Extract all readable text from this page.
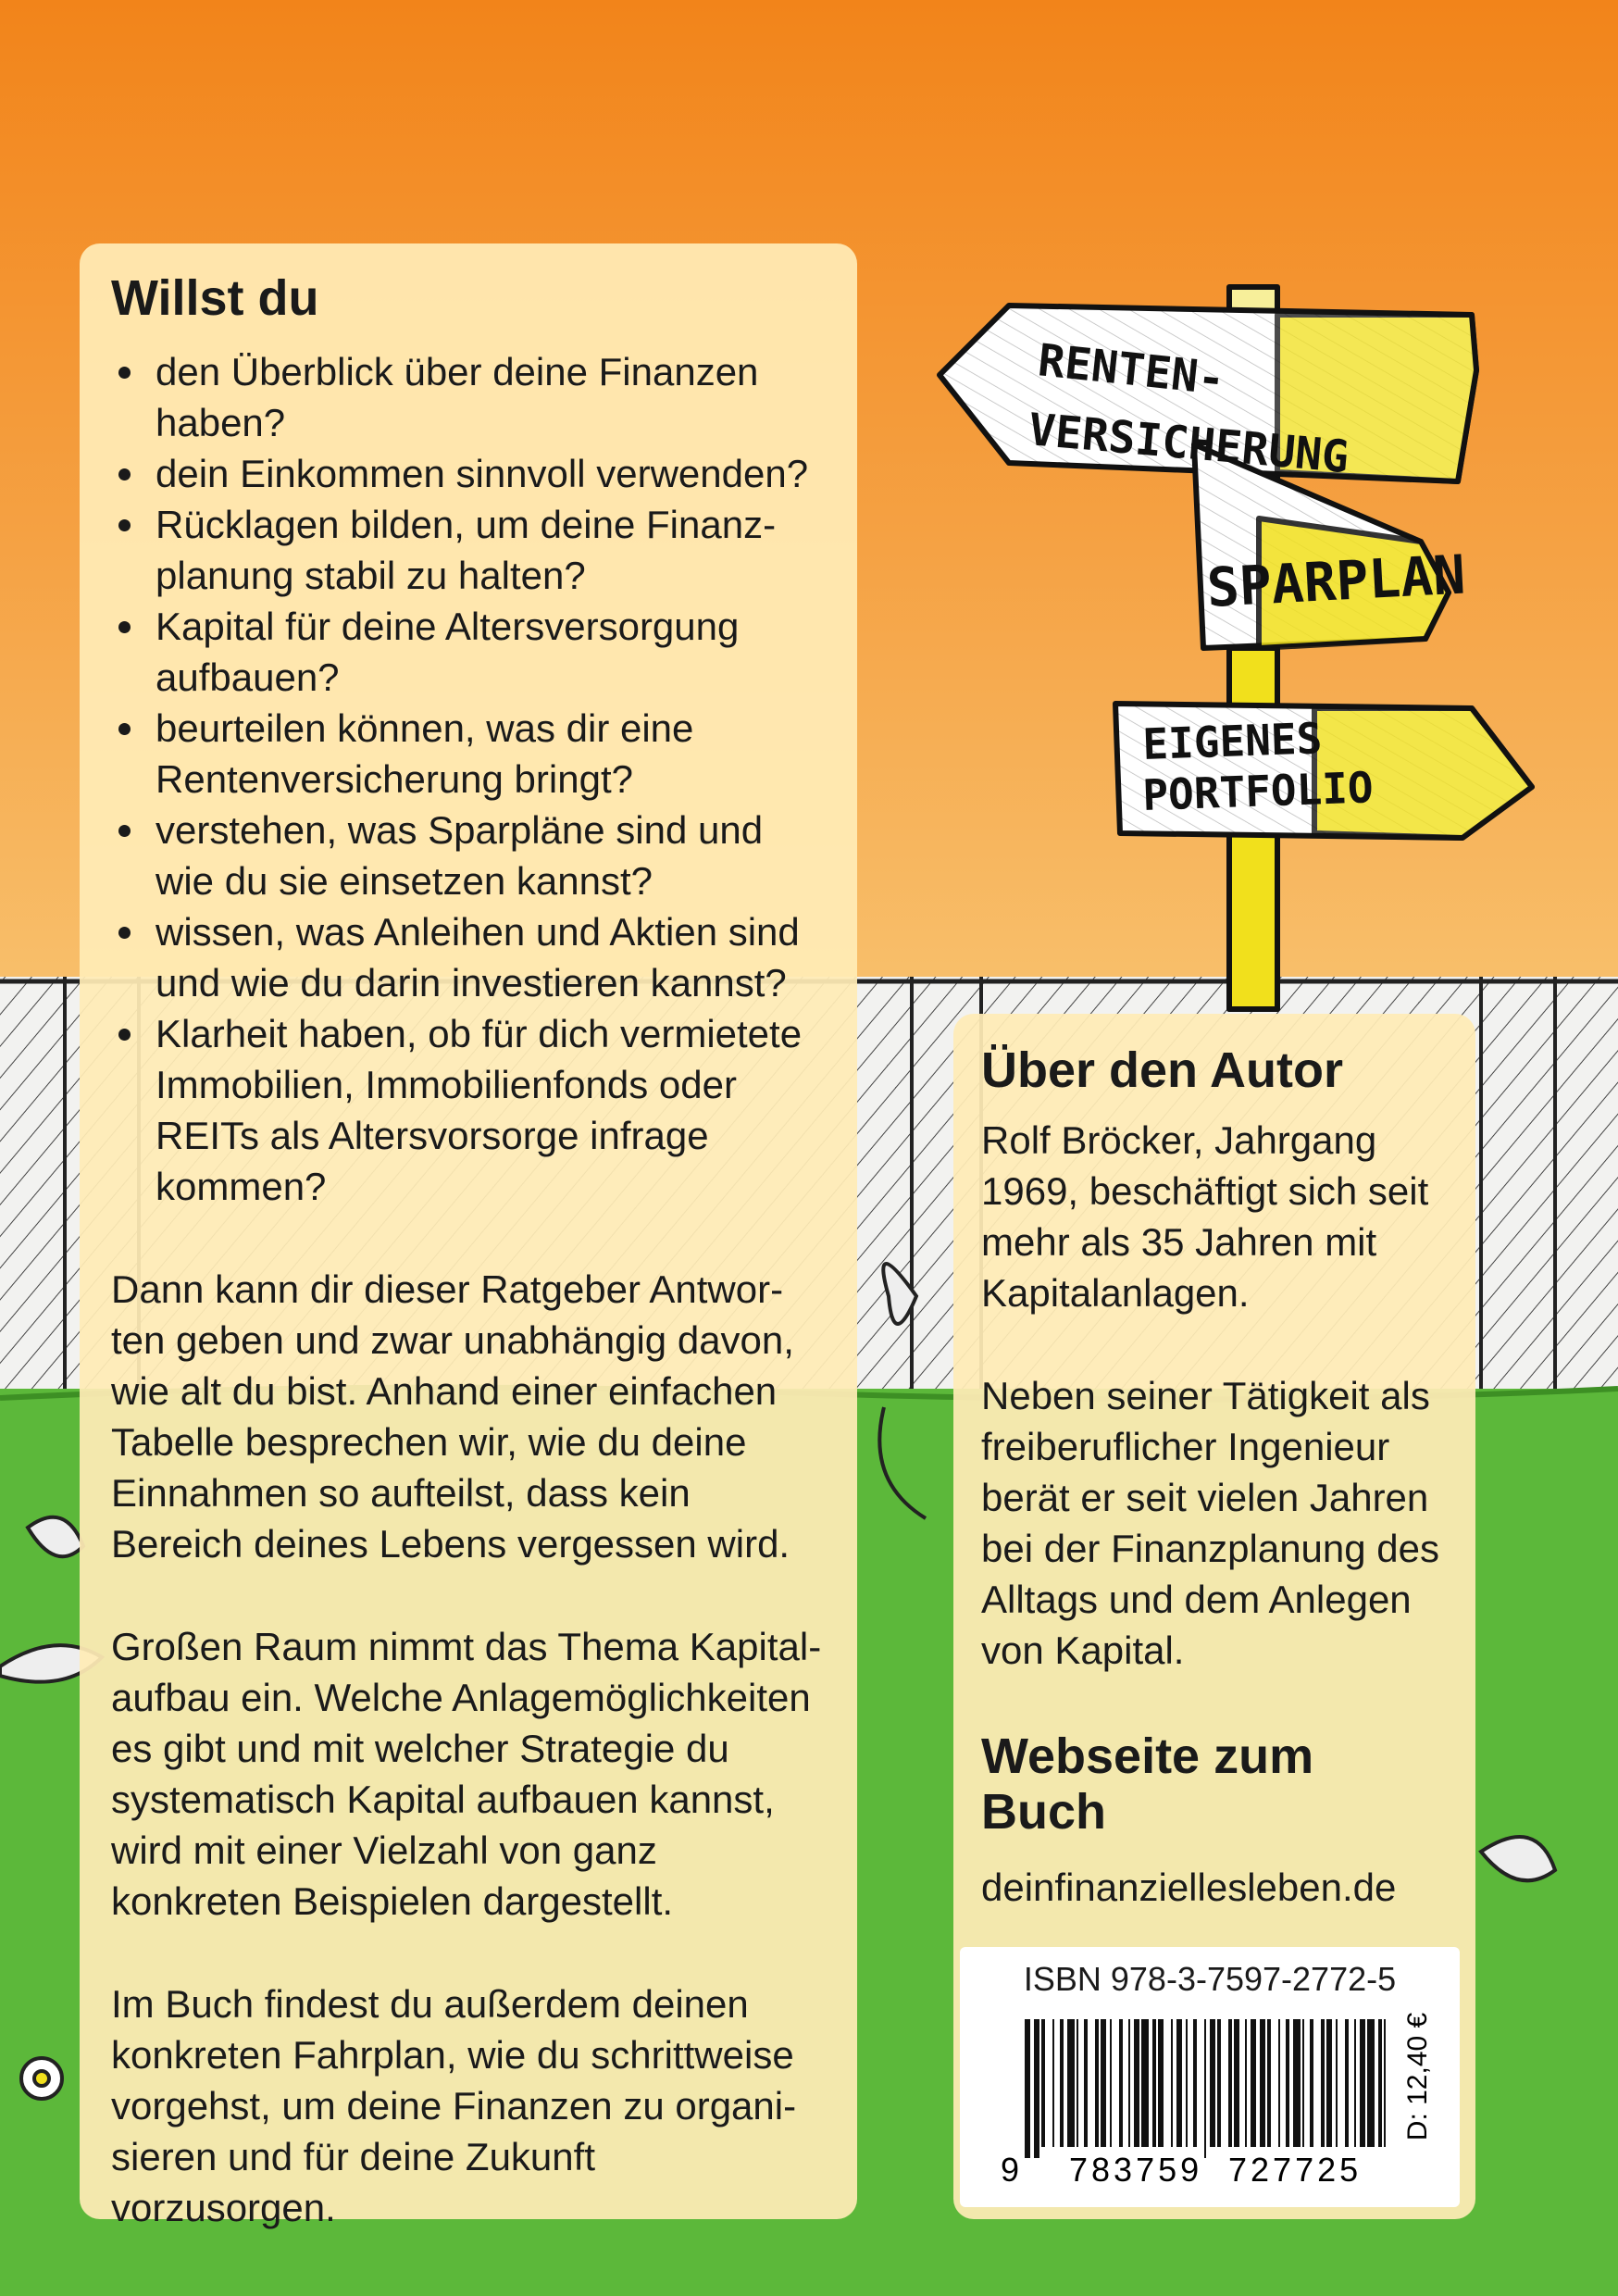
RENTEN-
VERSICHERUNG
SPARPLAN
EIGENES
PORTFOLIO
Willst du
den Überblick über deine Finanzen haben?
dein Einkommen sinnvoll verwenden?
Rücklagen bilden, um deine Finanz-planung stabil zu halten?
Kapital für deine Altersversorgung aufbauen?
beurteilen können, was dir eine Rentenversicherung bringt?
verstehen, was Sparpläne sind und wie du sie einsetzen kannst?
wissen, was Anleihen und Aktien sind und wie du darin investieren kannst?
Klarheit haben, ob für dich vermietete Immobilien, Immobilienfonds oder REITs als Altersvorsorge infrage kommen?

Dann kann dir dieser Ratgeber Antwor-ten geben und zwar unabhängig davon, wie alt du bist. Anhand einer einfachen Tabelle besprechen wir, wie du deine Einnahmen so aufteilst, dass kein Bereich deines Lebens vergessen wird.

Großen Raum nimmt das Thema Kapital-aufbau ein. Welche Anlagemöglichkeiten es gibt und mit welcher Strategie du systematisch Kapital aufbauen kannst, wird mit einer Vielzahl von ganz konkreten Beispielen dargestellt.

Im Buch findest du außerdem deinen konkreten Fahrplan, wie du schrittweise vorgehst, um deine Finanzen zu organi-sieren und für deine Zukunft vorzusorgen.

Über den Autor

Rolf Bröcker, Jahrgang 1969, beschäftigt sich seit mehr als 35 Jahren mit Kapitalanlagen.

Neben seiner Tätigkeit als freiberuflicher Ingenieur berät er seit vielen Jahren bei der Finanzplanung des Alltags und dem Anlegen von Kapital.

Webseite zum Buch
deinfinanziellesleben.de
ISBN 978-3-7597-2772-5
9 783759 727725
D: 12,40 €
